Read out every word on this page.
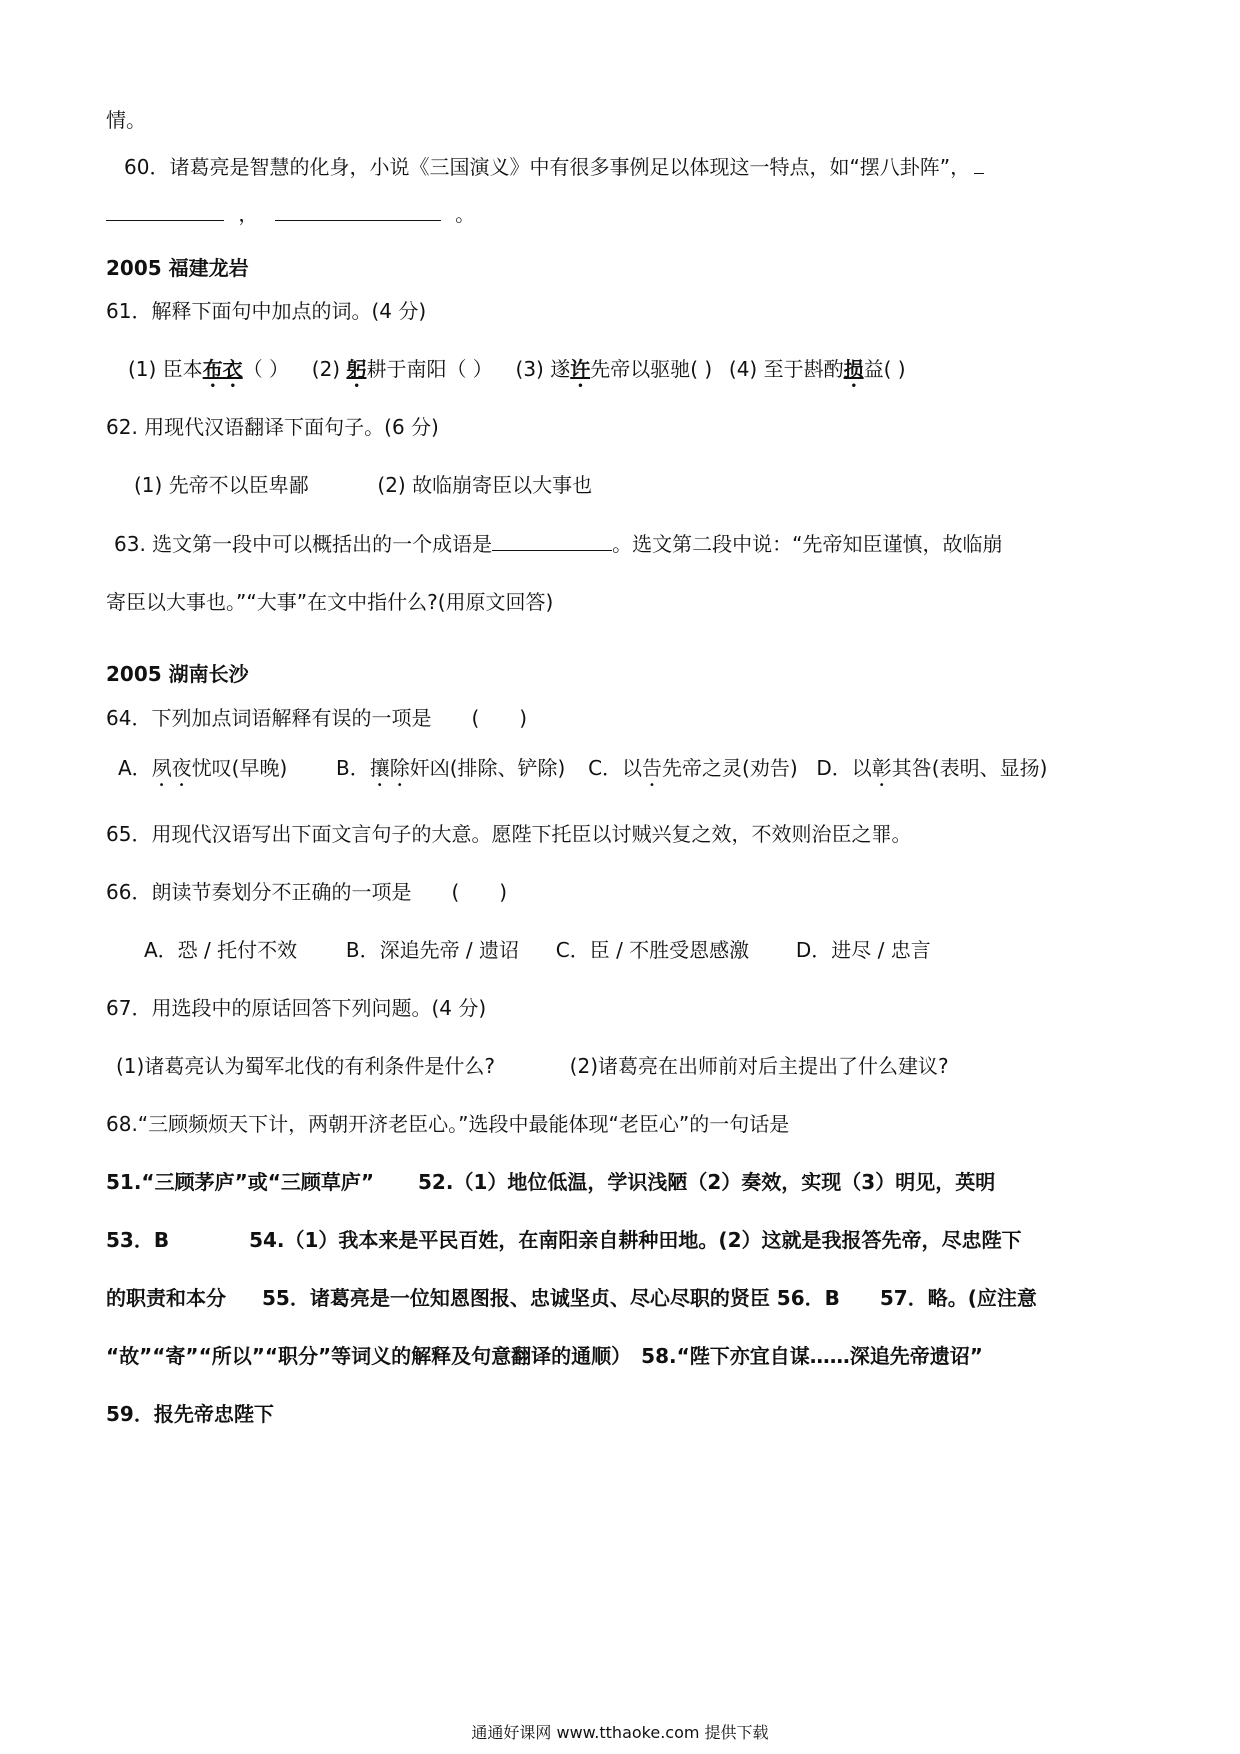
情。
60．诸葛亮是智慧的化身，小说《三国演义》中有很多事例足以体现这一特点，如“摆八卦阵”，
，	。
2005 福建龙岩
61．解释下面句中加点的词。(4 分)
(1) 臣本布衣（ ） (2) 躬耕于南阳（ ） (3) 遂许先帝以驱驰( ) (4) 至于斟酌损益( )
62. 用现代汉语翻译下面句子。(6 分)
(1) 先帝不以臣卑鄙	(2) 故临崩寄臣以大事也
63. 选文第一段中可以概括出的一个成语是	。选文第二段中说：“先帝知臣谨慎，故临崩
寄臣以大事也。”“大事”在文中指什么?(用原文回答)
2005 湖南长沙
64．下列加点词语解释有误的一项是　　(　　)
A．夙夜忧叹(早晚) B．攘除奸凶(排除、铲除) C．以告先帝之灵(劝告) D．以彰其咎(表明、显扬)
65．用现代汉语写出下面文言句子的大意。愿陛下托臣以讨贼兴复之效，不效则治臣之罪。
66．朗读节奏划分不正确的一项是　　(　　)
A．恐 / 托付不效 B．深追先帝 / 遗诏 C．臣 / 不胜受恩感激 D．进尽 / 忠言
67．用选段中的原话回答下列问题。(4 分)
(1)诸葛亮认为蜀军北伐的有利条件是什么?	(2)诸葛亮在出师前对后主提出了什么建议?
68.“三顾频烦天下计，两朝开济老臣心。”选段中最能体现“老臣心”的一句话是
51.“三顾茅庐”或“三顾草庐” 52.（1）地位低温，学识浅陋（2）奏效，实现（3）明见，英明
53．B	54.（1）我本来是平民百姓，在南阳亲自耕种田地。(2）这就是我报答先帝，尽忠陛下
的职责和本分 55．诸葛亮是一位知恩图报、忠诚坚贞、尽心尽职的贤臣 56．B 57．略。(应注意
“故”“寄”“所以”“职分”等词义的解释及句意翻译的通顺）　58.“陛下亦宜自谋……深追先帝遗诏”
59．报先帝忠陛下
通通好课网 www.tthaoke.com 提供下载
